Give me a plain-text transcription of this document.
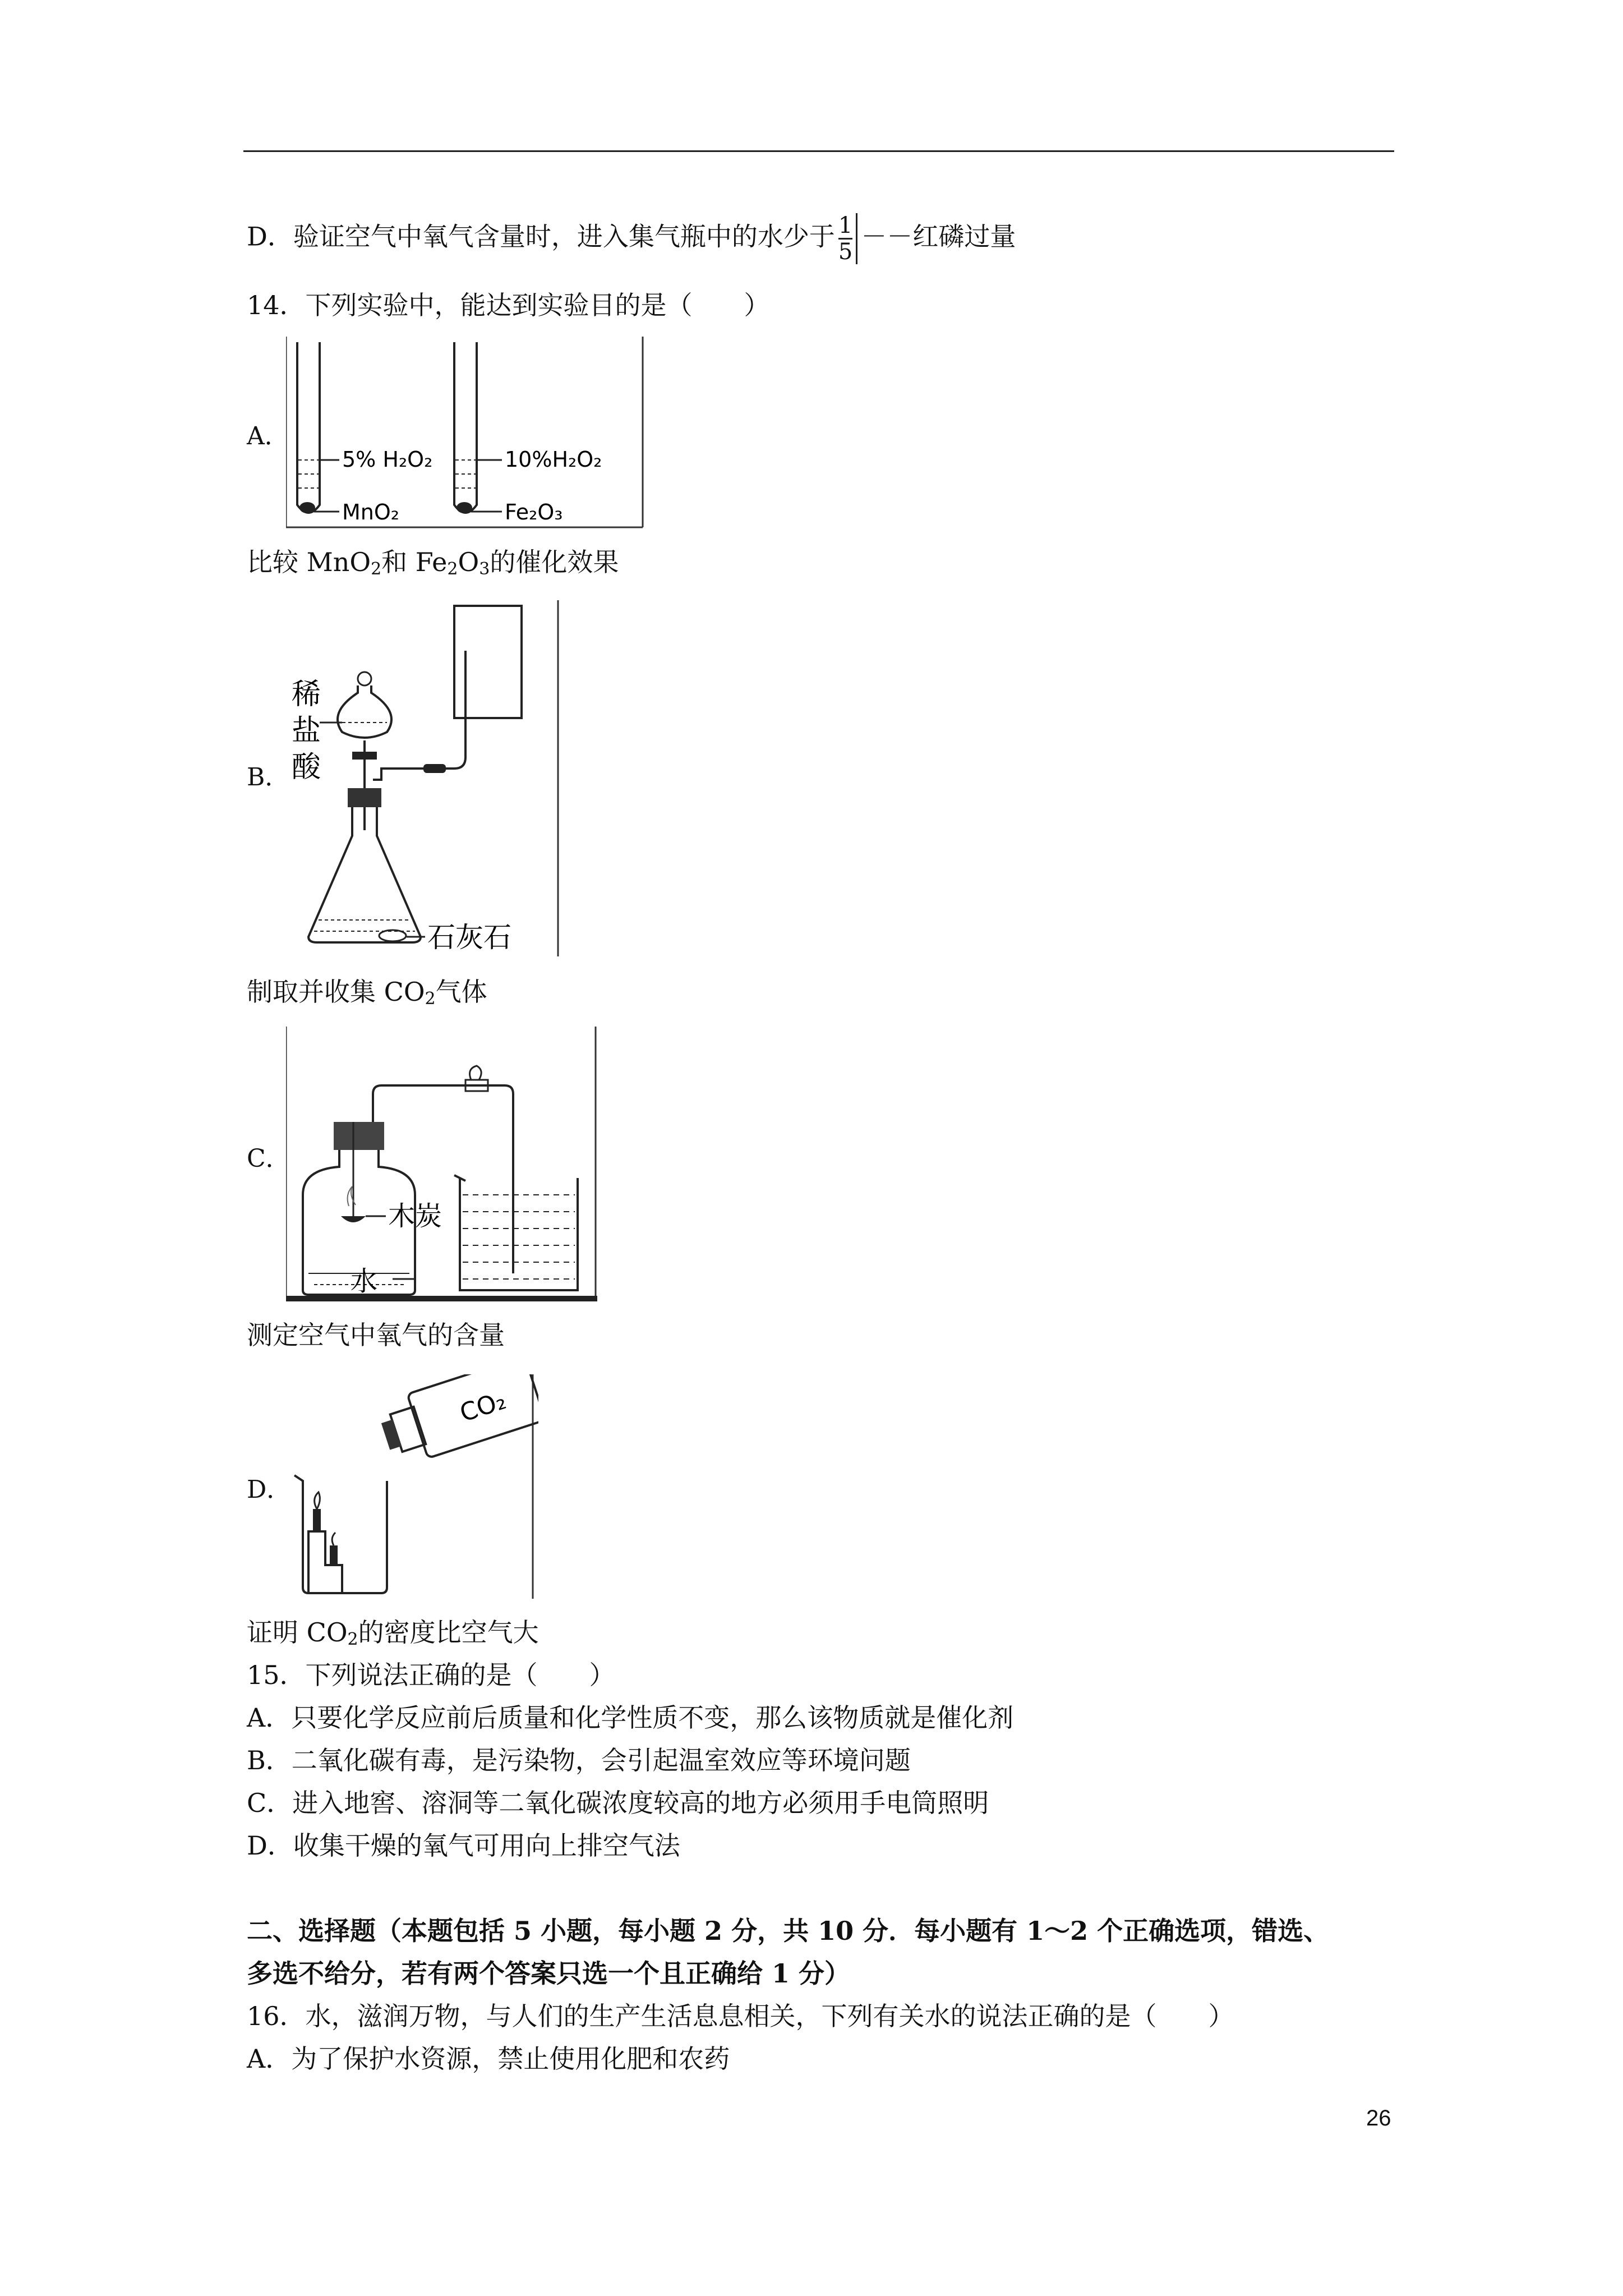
D．验证空气中氧气含量时，进入集气瓶中的水少于 $\frac{1}{5}$ －－红磷过量
14．下列实验中，能达到实验目的是（　　）
A．
5% H₂O₂
MnO₂
10%H₂O₂
Fe₂O₃
比较 MnO$_2$和 $Fe_2O_3$的催化效果
B．
稀
盐
酸
石灰石
制取并收集 $CO_2$气体
C．
木炭
水
测定空气中氧气的含量
D．
CO₂
证明 $CO_2$的密度比空气大
15．下列说法正确的是（　　）
A．只要化学反应前后质量和化学性质不变，那么该物质就是催化剂
B．二氧化碳有毒，是污染物，会引起温室效应等环境问题
C．进入地窖、溶洞等二氧化碳浓度较高的地方必须用手电筒照明
D．收集干燥的氧气可用向上排空气法
二、选择题（本题包括 5 小题，每小题 2 分，共 10 分．每小题有 1～2 个正确选项，错选、
多选不给分，若有两个答案只选一个且正确给 1 分）
16．水，滋润万物，与人们的生产生活息息相关，下列有关水的说法正确的是（　　）
A．为了保护水资源，禁止使用化肥和农药
26
